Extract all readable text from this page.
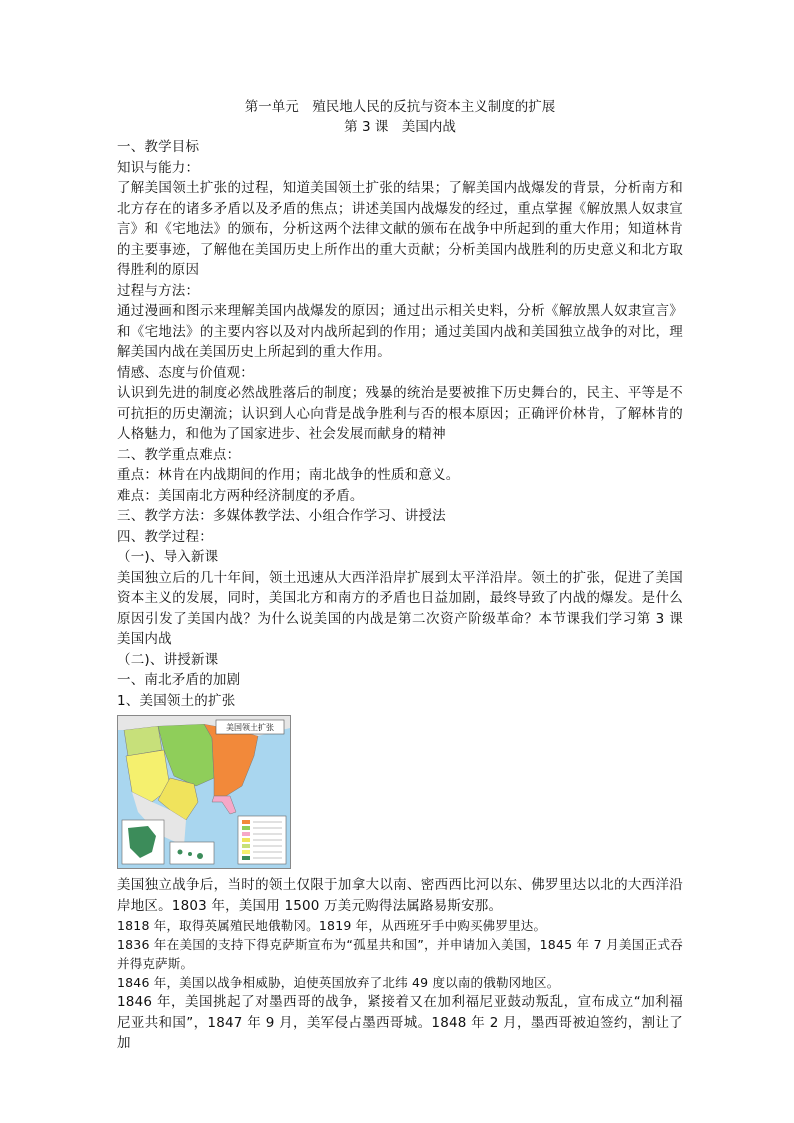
第一单元　殖民地人民的反抗与资本主义制度的扩展
第 3 课　美国内战

一、教学目标

知识与能力：

了解美国领土扩张的过程，知道美国领土扩张的结果；了解美国内战爆发的背景，分析南方和北方存在的诸多矛盾以及矛盾的焦点；讲述美国内战爆发的经过，重点掌握《解放黑人奴隶宣言》和《宅地法》的颁布，分析这两个法律文献的颁布在战争中所起到的重大作用；知道林肯的主要事迹，了解他在美国历史上所作出的重大贡献；分析美国内战胜利的历史意义和北方取得胜利的原因

过程与方法：

通过漫画和图示来理解美国内战爆发的原因；通过出示相关史料，分析《解放黑人奴隶宣言》和《宅地法》的主要内容以及对内战所起到的作用；通过美国内战和美国独立战争的对比，理解美国内战在美国历史上所起到的重大作用。

情感、态度与价值观：

认识到先进的制度必然战胜落后的制度；残暴的统治是要被推下历史舞台的，民主、平等是不可抗拒的历史潮流；认识到人心向背是战争胜利与否的根本原因；正确评价林肯，了解林肯的人格魅力，和他为了国家进步、社会发展而献身的精神

二、教学重点难点：

重点：林肯在内战期间的作用；南北战争的性质和意义。

难点：美国南北方两种经济制度的矛盾。

三、教学方法：多媒体教学法、小组合作学习、讲授法

四、教学过程：

（一)、导入新课

美国独立后的几十年间，领土迅速从大西洋沿岸扩展到太平洋沿岸。领土的扩张，促进了美国资本主义的发展，同时，美国北方和南方的矛盾也日益加剧，最终导致了内战的爆发。是什么原因引发了美国内战？为什么说美国的内战是第二次资产阶级革命？本节课我们学习第 3 课　美国内战

（二)、讲授新课

一、南北矛盾的加剧

1、美国领土的扩张

美国领土扩张

美国独立战争后，当时的领土仅限于加拿大以南、密西西比河以东、佛罗里达以北的大西洋沿岸地区。1803 年，美国用 1500 万美元购得法属路易斯安那。

1818 年，取得英属殖民地俄勒冈。1819 年，从西班牙手中购买佛罗里达。

1836 年在美国的支持下得克萨斯宣布为“孤星共和国”，并申请加入美国，1845 年 7 月美国正式吞并得克萨斯。

1846 年，美国以战争相威胁，迫使英国放弃了北纬 49 度以南的俄勒冈地区。

1846 年，美国挑起了对墨西哥的战争，紧接着又在加利福尼亚鼓动叛乱，宣布成立“加利福尼亚共和国”，1847 年 9 月，美军侵占墨西哥城。1848 年 2 月，墨西哥被迫签约，割让了加
